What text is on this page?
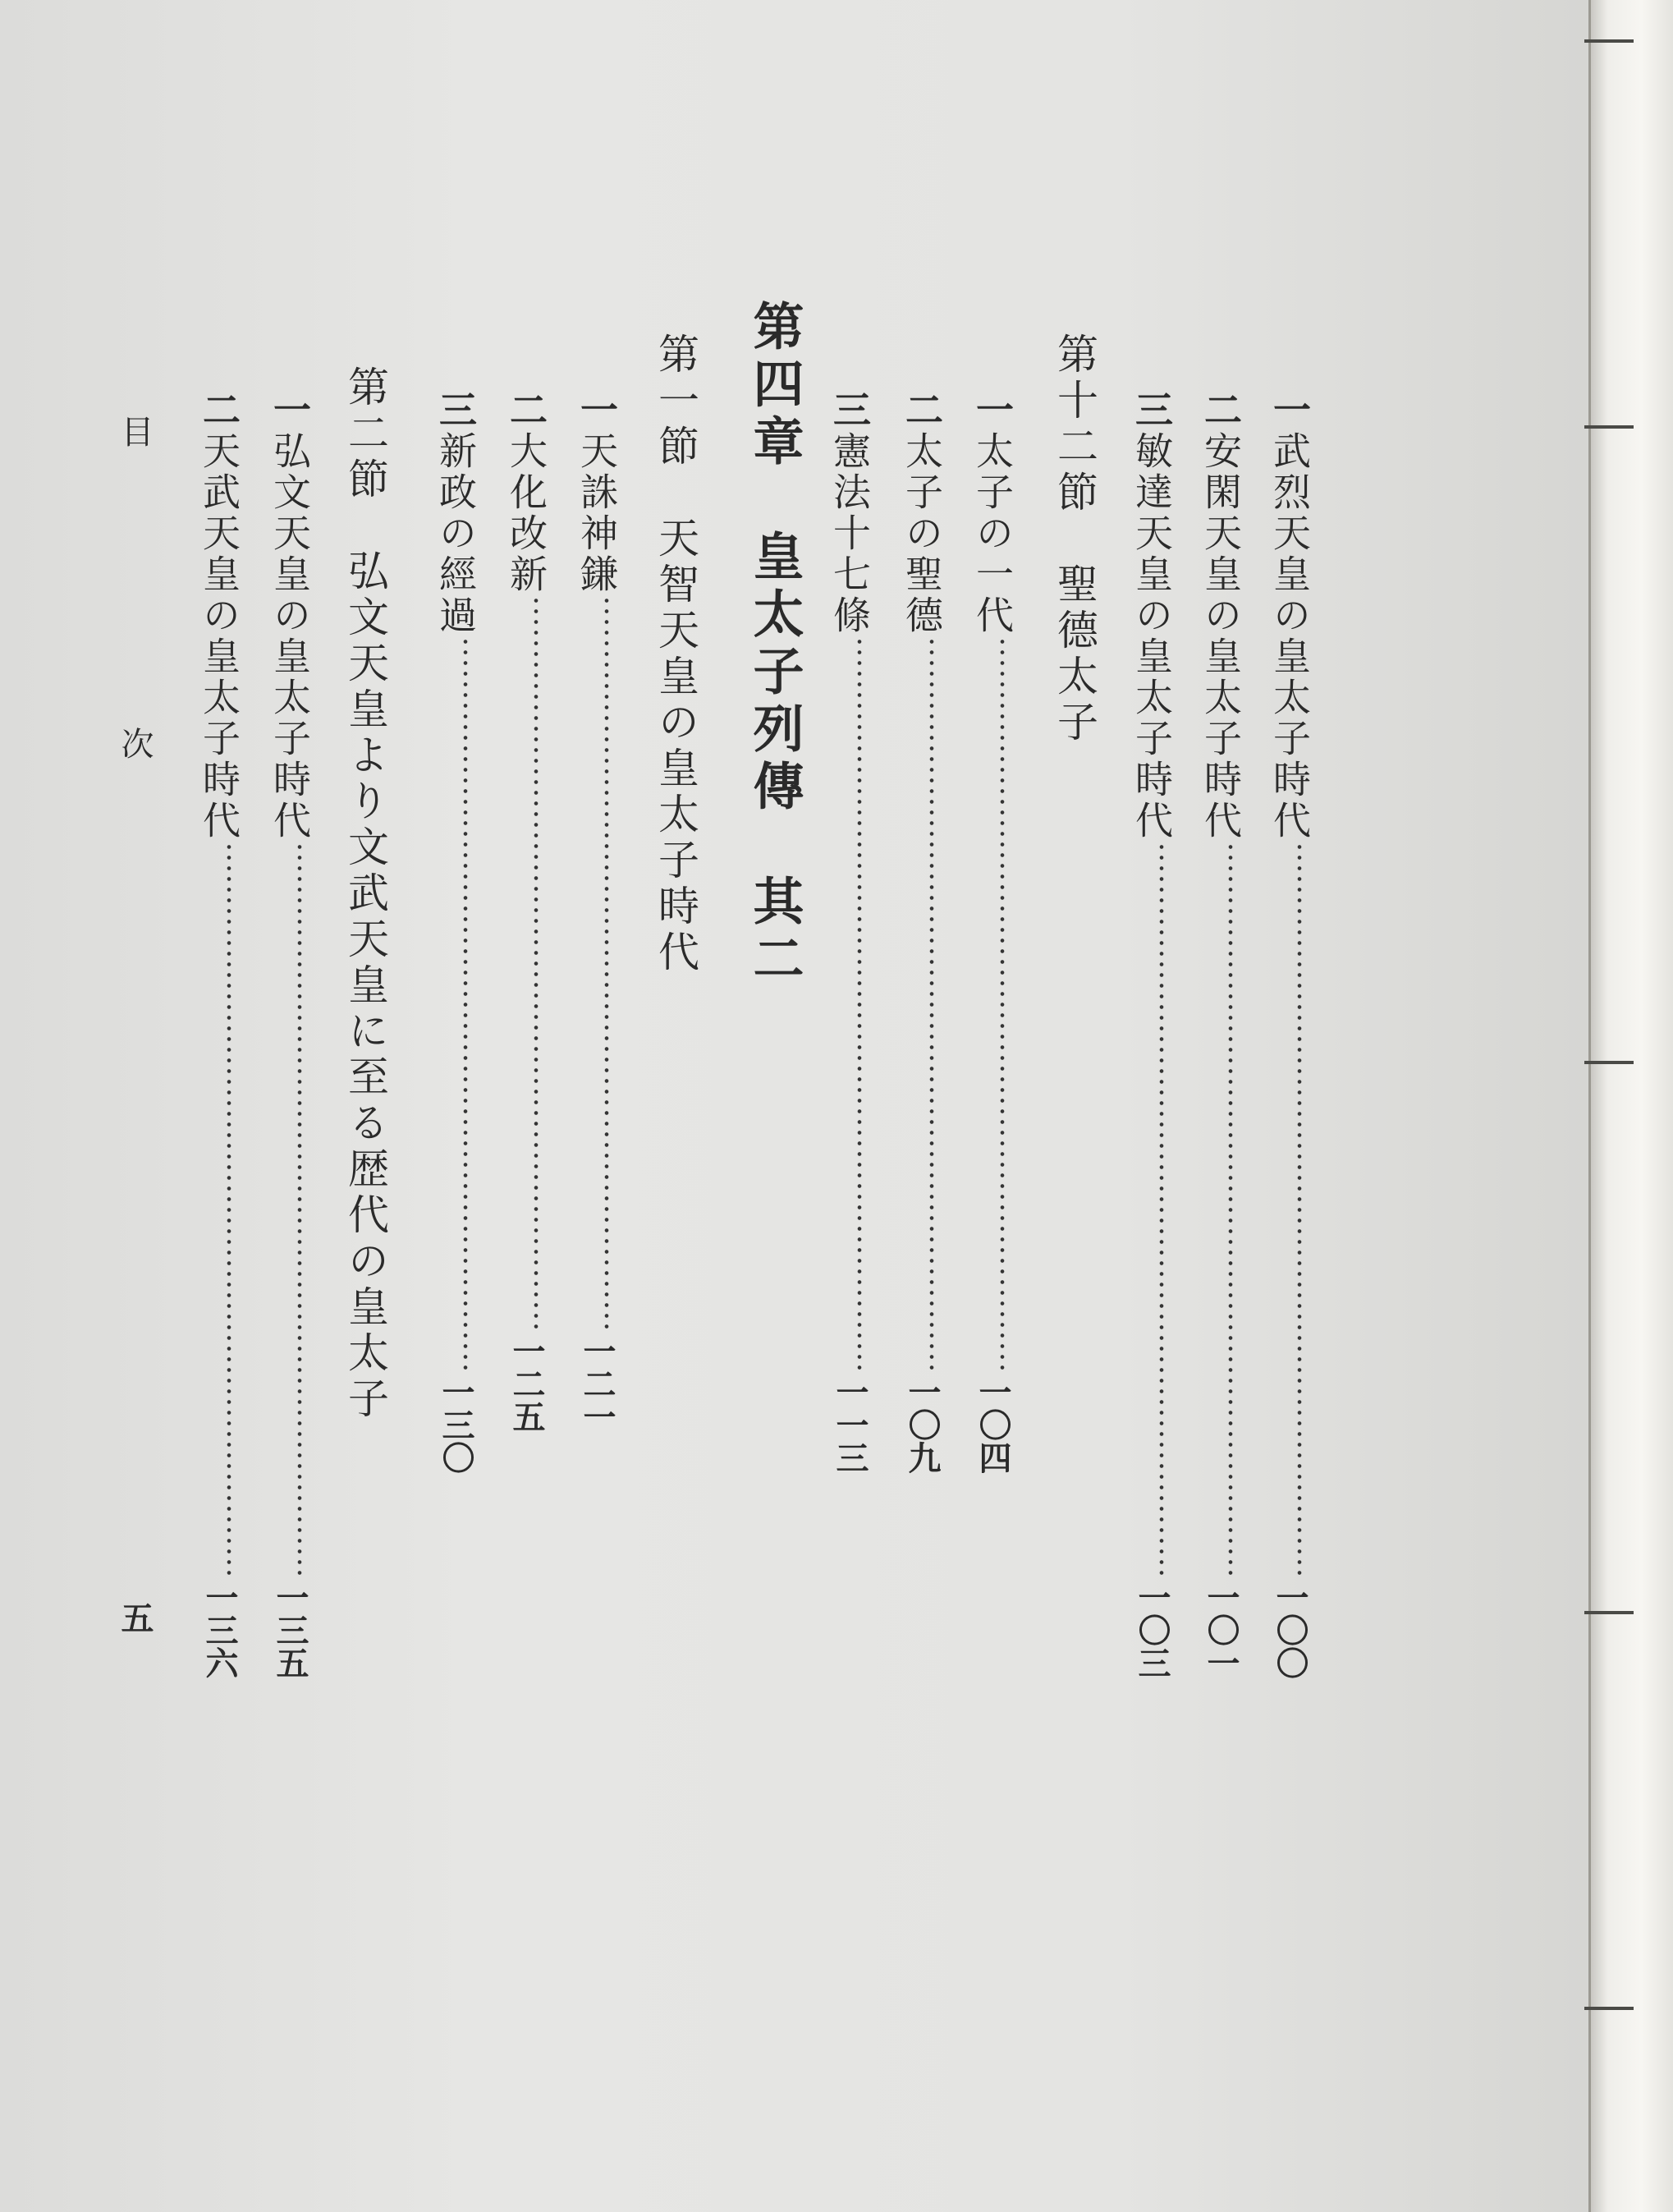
一武烈天皇の皇太子時代一〇〇
二安閑天皇の皇太子時代一〇一
三敏達天皇の皇太子時代一〇三
第十二節　聖德太子
一太子の一代一〇四
二太子の聖德一〇九
三憲法十七條一一三
第四章　皇太子列傳　其二
第一節　天智天皇の皇太子時代
一天誅神鎌一二一
二大化改新一二五
三新政の經過一三〇
第二節　弘文天皇より文武天皇に至る歴代の皇太子
一弘文天皇の皇太子時代一三五
二天武天皇の皇太子時代一三六
目　次
五
